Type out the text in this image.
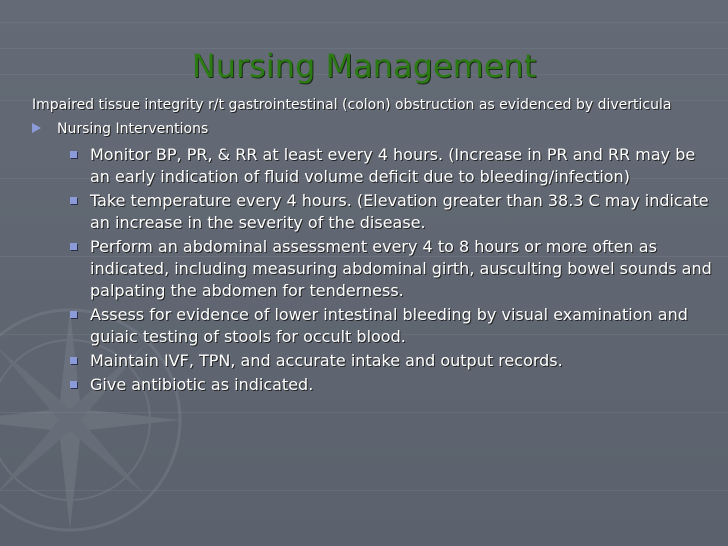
Nursing Management
Impaired tissue integrity r/t gastrointestinal (colon) obstruction as evidenced by diverticula
Nursing Interventions
Monitor BP, PR, & RR at least every 4 hours. (Increase in PR and RR may be an early indication of fluid volume deficit due to bleeding/infection)
Take temperature every 4 hours. (Elevation greater than 38.3 C may indicate an increase in the severity of the disease.
Perform an abdominal assessment every 4 to 8 hours or more often as indicated, including measuring abdominal girth, ausculting bowel sounds and palpating the abdomen for tenderness.
Assess for evidence of lower intestinal bleeding by visual examination and guiaic testing of stools for occult blood.
Maintain IVF, TPN, and accurate intake and output records.
Give antibiotic as indicated.
